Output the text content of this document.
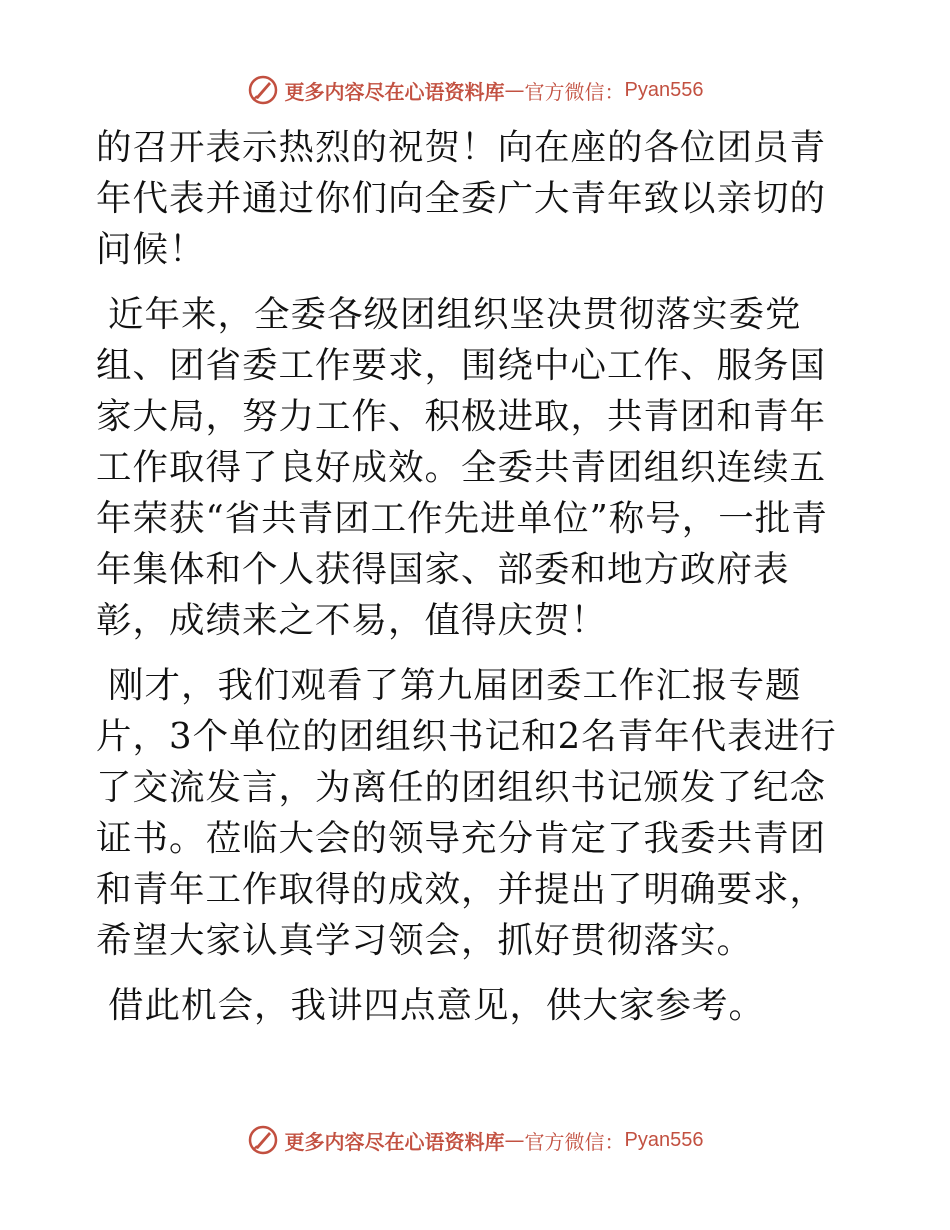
更多内容尽在心语资料库 — 官方微信： Pyan556

的召开表示热烈的祝贺！向在座的各位团员青年代表并通过你们向全委广大青年致以亲切的问候！

近年来，全委各级团组织坚决贯彻落实委党组、团省委工作要求，围绕中心工作、服务国家大局，努力工作、积极进取，共青团和青年工作取得了良好成效。全委共青团组织连续五年荣获“省共青团工作先进单位”称号，一批青年集体和个人获得国家、部委和地方政府表彰，成绩来之不易，值得庆贺！

刚才，我们观看了第九届团委工作汇报专题片，3个单位的团组织书记和2名青年代表进行了交流发言，为离任的团组织书记颁发了纪念证书。莅临大会的领导充分肯定了我委共青团和青年工作取得的成效，并提出了明确要求，希望大家认真学习领会，抓好贯彻落实。

借此机会，我讲四点意见，供大家参考。

更多内容尽在心语资料库 — 官方微信： Pyan556
